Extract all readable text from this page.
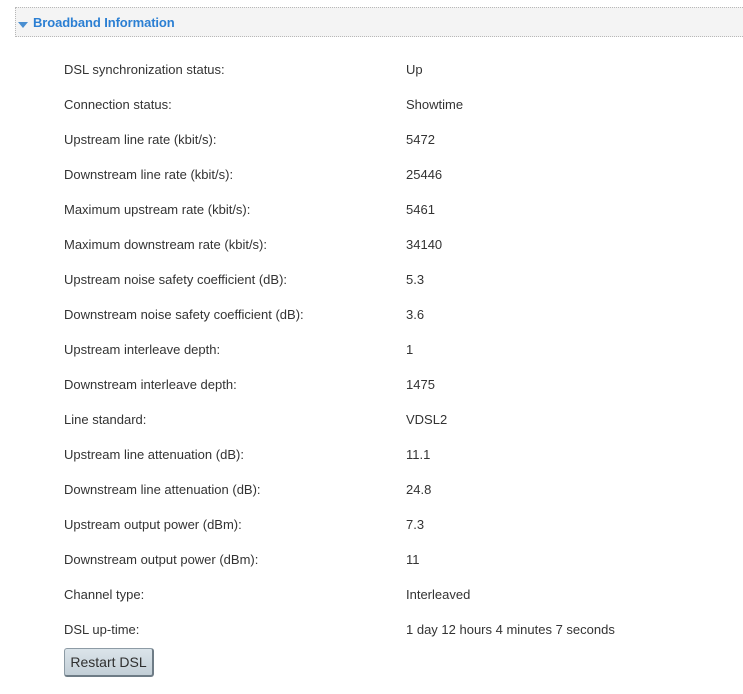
Broadband Information
DSL synchronization status:	Up
Connection status:	Showtime
Upstream line rate (kbit/s):	5472
Downstream line rate (kbit/s):	25446
Maximum upstream rate (kbit/s):	5461
Maximum downstream rate (kbit/s):	34140
Upstream noise safety coefficient (dB):	5.3
Downstream noise safety coefficient (dB):	3.6
Upstream interleave depth:	1
Downstream interleave depth:	1475
Line standard:	VDSL2
Upstream line attenuation (dB):	11.1
Downstream line attenuation (dB):	24.8
Upstream output power (dBm):	7.3
Downstream output power (dBm):	11
Channel type:	Interleaved
DSL up-time:	1 day 12 hours 4 minutes 7 seconds
Restart DSL
